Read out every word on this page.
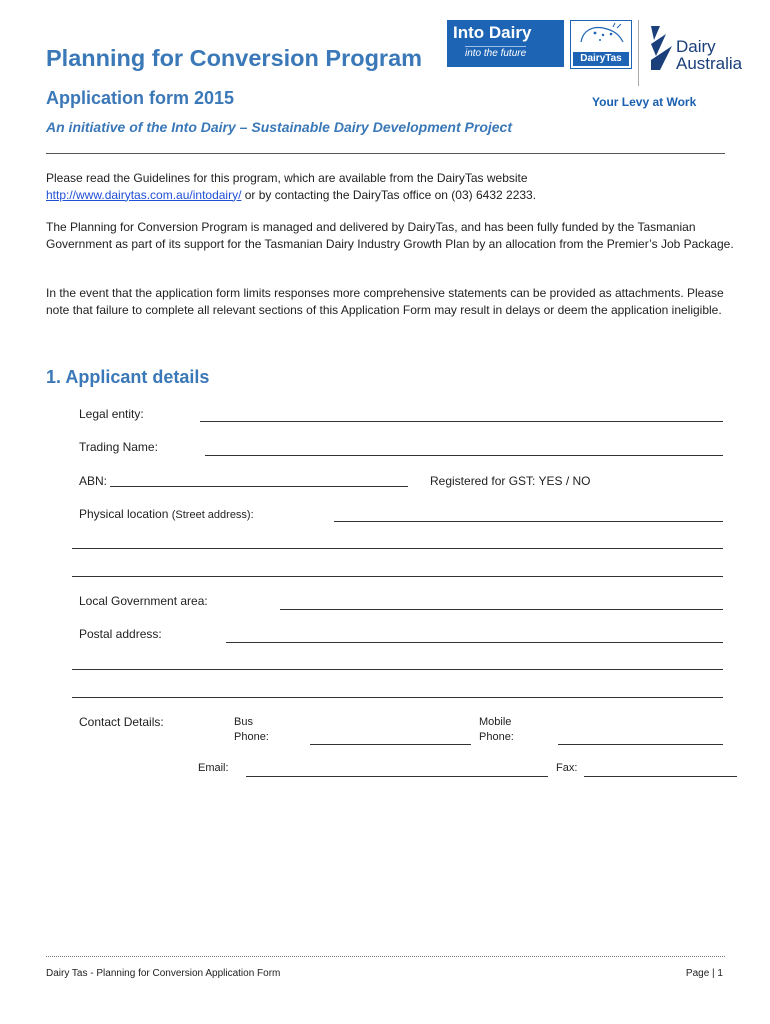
Planning for Conversion Program
Application form 2015
An initiative of the Into Dairy – Sustainable Dairy Development Project
Into Dairy
into the future	DairyTas
Dairy
Australia
Your Levy at Work
Please read the Guidelines for this program, which are available from the DairyTas website
http://www.dairytas.com.au/intodairy/ or by contacting the DairyTas office on (03) 6432 2233.
The Planning for Conversion Program is managed and delivered by DairyTas, and has been fully funded by the Tasmanian Government as part of its support for the Tasmanian Dairy Industry Growth Plan by an allocation from the Premier’s Job Package.
In the event that the application form limits responses more comprehensive statements can be provided as attachments. Please note that failure to complete all relevant sections of this Application Form may result in delays or deem the application ineligible.
1. Applicant details
Legal entity:
Trading Name:
ABN:	Registered for GST: YES / NO
Physical location (Street address):
Local Government area:
Postal address:
Contact Details:	Bus
Phone:
Mobile
Phone:
Email:	Fax:
Dairy Tas - Planning for Conversion Application Form	Page | 1
